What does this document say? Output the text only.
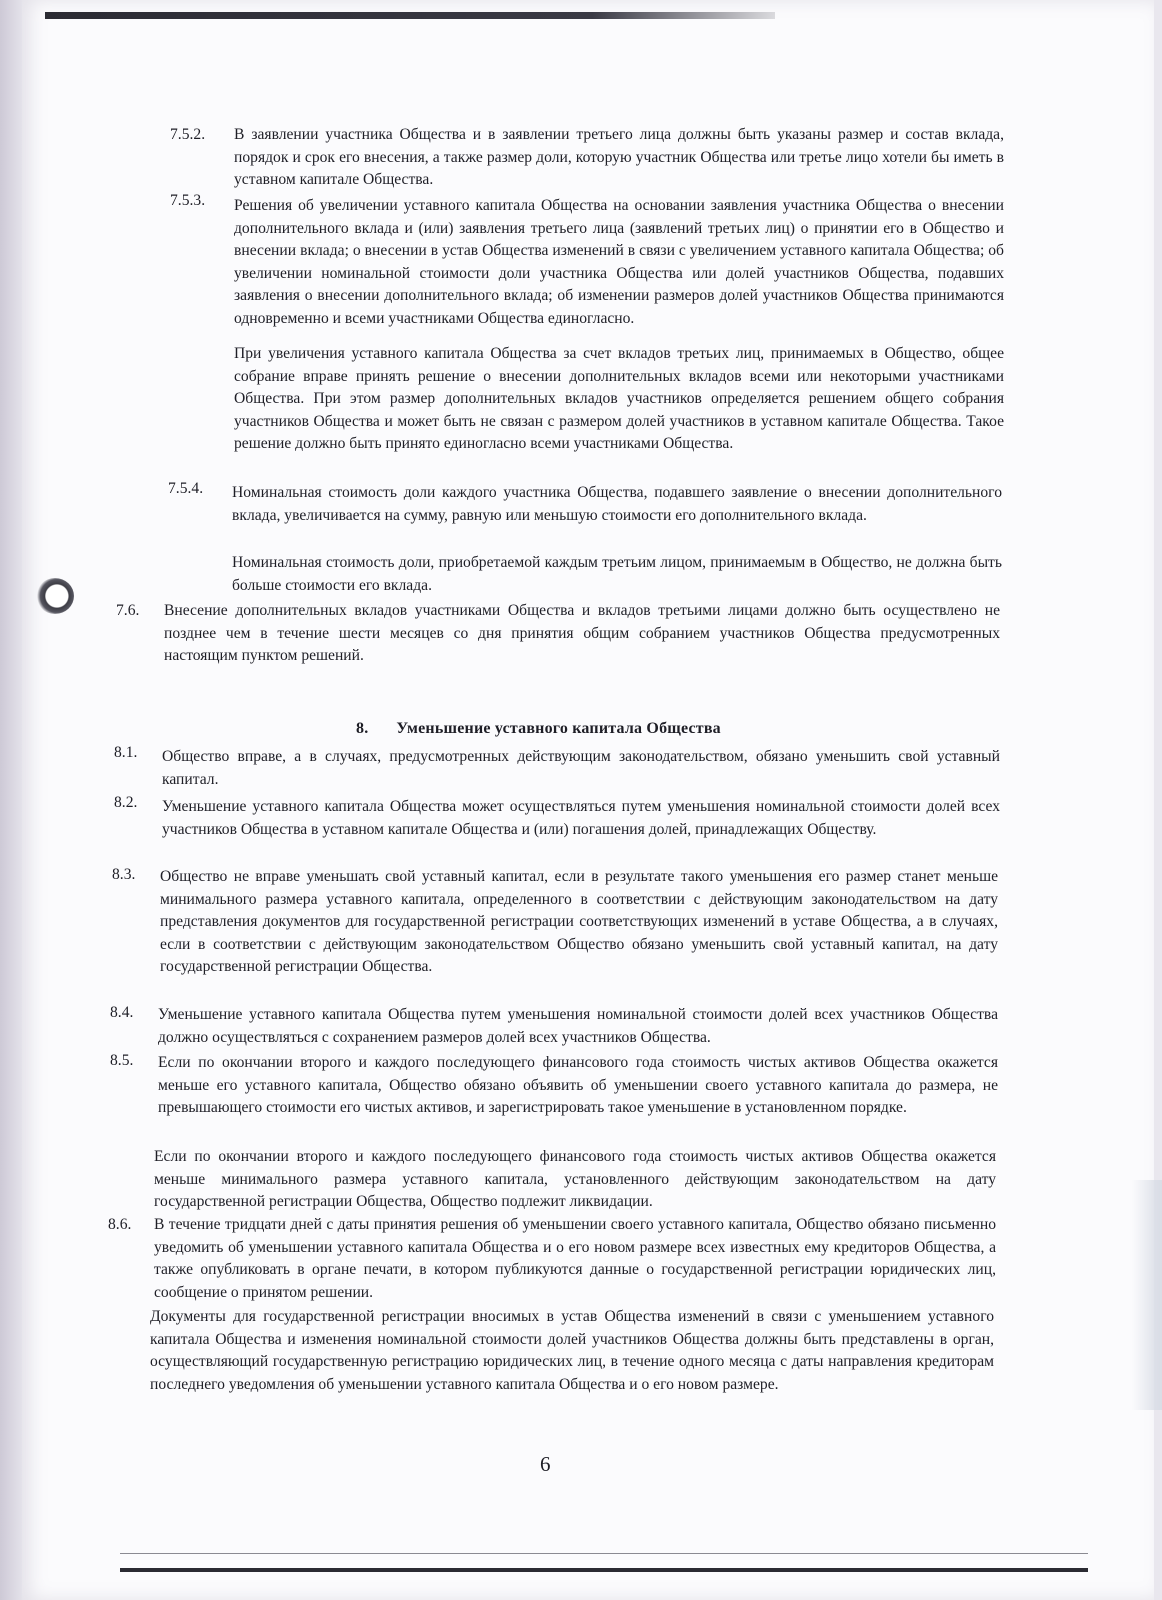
7.5.2. В заявлении участника Общества и в заявлении третьего лица должны быть указаны размер и состав вклада, порядок и срок его внесения, а также размер доли, которую участник Общества или третье лицо хотели бы иметь в уставном капитале Общества.
7.5.3. Решения об увеличении уставного капитала Общества на основании заявления участника Общества о внесении дополнительного вклада и (или) заявления третьего лица (заявлений третьих лиц) о принятии его в Общество и внесении вклада; о внесении в устав Общества изменений в связи с увеличением уставного капитала Общества; об увеличении номинальной стоимости доли участника Общества или долей участников Общества, подавших заявления о внесении дополнительного вклада; об изменении размеров долей участников Общества принимаются одновременно и всеми участниками Общества единогласно.
При увеличения уставного капитала Общества за счет вкладов третьих лиц, принимаемых в Общество, общее собрание вправе принять решение о внесении дополнительных вкладов всеми или некоторыми участниками Общества. При этом размер дополнительных вкладов участников определяется решением общего собрания участников Общества и может быть не связан с размером долей участников в уставном капитале Общества. Такое решение должно быть принято единогласно всеми участниками Общества.
7.5.4. Номинальная стоимость доли каждого участника Общества, подавшего заявление о внесении дополнительного вклада, увеличивается на сумму, равную или меньшую стоимости его дополнительного вклада.
Номинальная стоимость доли, приобретаемой каждым третьим лицом, принимаемым в Общество, не должна быть больше стоимости его вклада.
7.6. Внесение дополнительных вкладов участниками Общества и вкладов третьими лицами должно быть осуществлено не позднее чем в течение шести месяцев со дня принятия общим собранием участников Общества предусмотренных настоящим пунктом решений.
8. Уменьшение уставного капитала Общества
8.1. Общество вправе, а в случаях, предусмотренных действующим законодательством, обязано уменьшить свой уставный капитал.
8.2. Уменьшение уставного капитала Общества может осуществляться путем уменьшения номинальной стоимости долей всех участников Общества в уставном капитале Общества и (или) погашения долей, принадлежащих Обществу.
8.3. Общество не вправе уменьшать свой уставный капитал, если в результате такого уменьшения его размер станет меньше минимального размера уставного капитала, определенного в соответствии с действующим законодательством на дату представления документов для государственной регистрации соответствующих изменений в уставе Общества, а в случаях, если в соответствии с действующим законодательством Общество обязано уменьшить свой уставный капитал, на дату государственной регистрации Общества.
8.4. Уменьшение уставного капитала Общества путем уменьшения номинальной стоимости долей всех участников Общества должно осуществляться с сохранением размеров долей всех участников Общества.
8.5. Если по окончании второго и каждого последующего финансового года стоимость чистых активов Общества окажется меньше его уставного капитала, Общество обязано объявить об уменьшении своего уставного капитала до размера, не превышающего стоимости его чистых активов, и зарегистрировать такое уменьшение в установленном порядке.
Если по окончании второго и каждого последующего финансового года стоимость чистых активов Общества окажется меньше минимального размера уставного капитала, установленного действующим законодательством на дату государственной регистрации Общества, Общество подлежит ликвидации.
8.6. В течение тридцати дней с даты принятия решения об уменьшении своего уставного капитала, Общество обязано письменно уведомить об уменьшении уставного капитала Общества и о его новом размере всех известных ему кредиторов Общества, а также опубликовать в органе печати, в котором публикуются данные о государственной регистрации юридических лиц, сообщение о принятом решении.
Документы для государственной регистрации вносимых в устав Общества изменений в связи с уменьшением уставного капитала Общества и изменения номинальной стоимости долей участников Общества должны быть представлены в орган, осуществляющий государственную регистрацию юридических лиц, в течение одного месяца с даты направления кредиторам последнего уведомления об уменьшении уставного капитала Общества и о его новом размере.
6
